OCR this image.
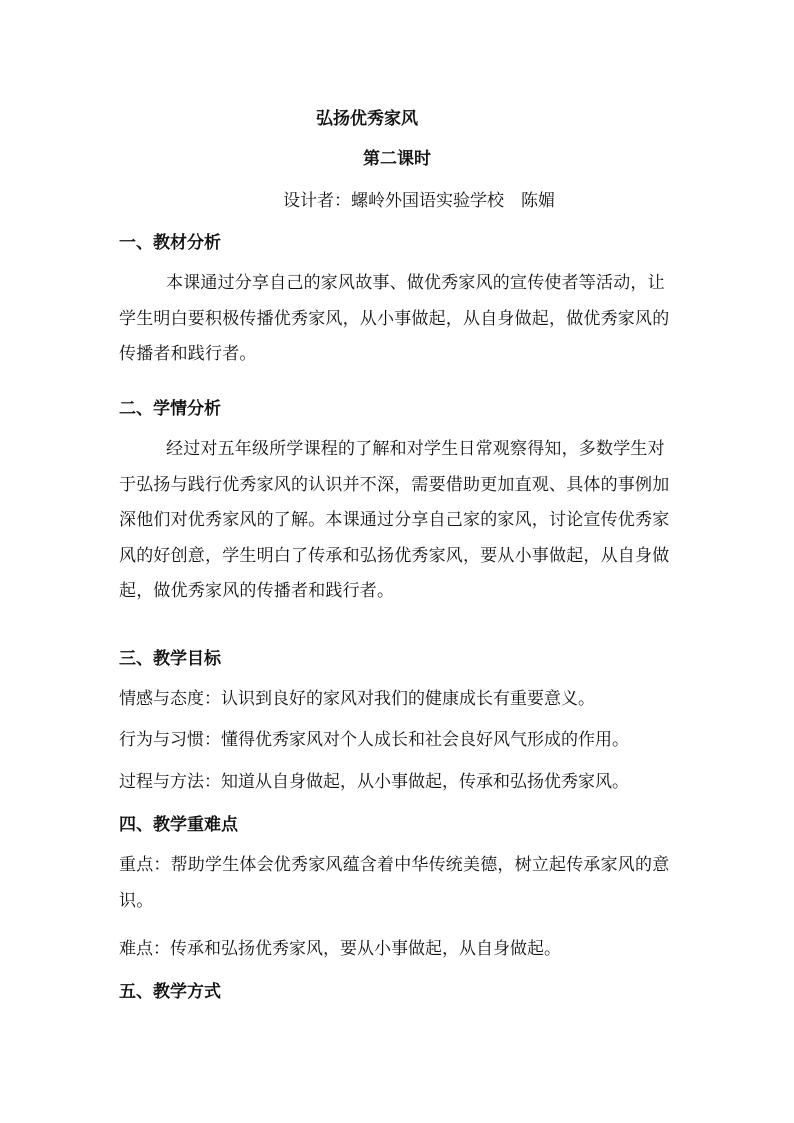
弘扬优秀家风
第二课时
设计者：螺岭外国语实验学校　陈媚
一、教材分析
本课通过分享自己的家风故事、做优秀家风的宣传使者等活动，让学生明白要积极传播优秀家风，从小事做起，从自身做起，做优秀家风的传播者和践行者。
二、学情分析
经过对五年级所学课程的了解和对学生日常观察得知，多数学生对于弘扬与践行优秀家风的认识并不深，需要借助更加直观、具体的事例加深他们对优秀家风的了解。本课通过分享自己家的家风，讨论宣传优秀家风的好创意，学生明白了传承和弘扬优秀家风，要从小事做起，从自身做起，做优秀家风的传播者和践行者。
三、教学目标
情感与态度：认识到良好的家风对我们的健康成长有重要意义。
行为与习惯：懂得优秀家风对个人成长和社会良好风气形成的作用。
过程与方法：知道从自身做起，从小事做起，传承和弘扬优秀家风。
四、教学重难点
重点：帮助学生体会优秀家风蕴含着中华传统美德，树立起传承家风的意识。
难点：传承和弘扬优秀家风，要从小事做起，从自身做起。
五、教学方式
